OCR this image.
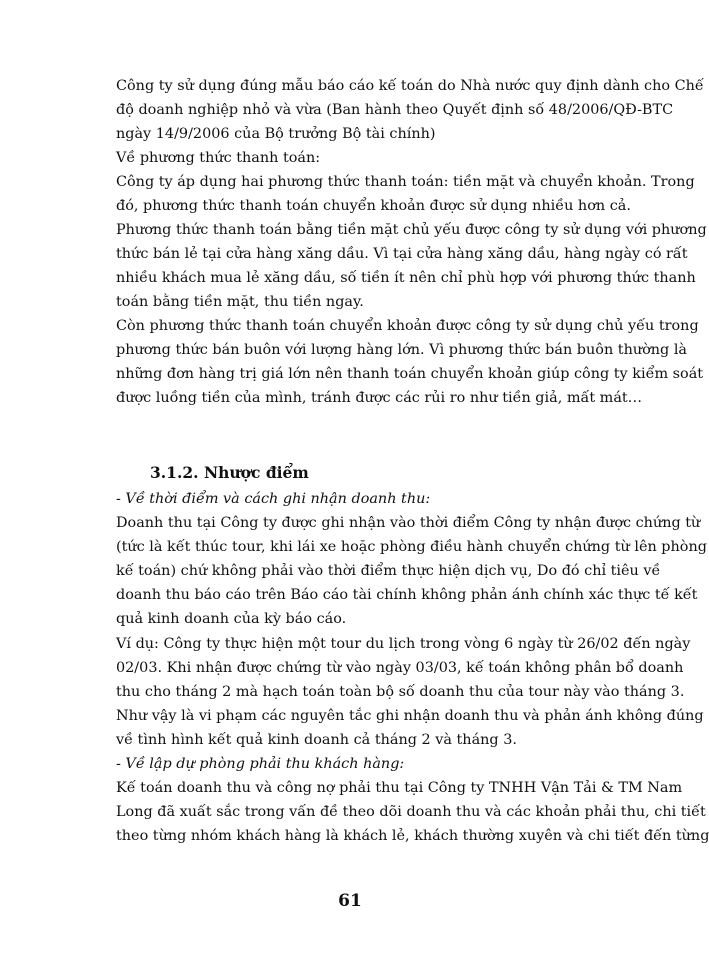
Công ty sử dụng đúng mẫu báo cáo kế toán do Nhà nước quy định dành cho Chế
độ doanh nghiệp nhỏ và vừa (Ban hành theo Quyết định số 48/2006/QĐ-BTC
ngày 14/9/2006 của Bộ trưởng Bộ tài chính)
Về phương thức thanh toán:
Công ty áp dụng hai phương thức thanh toán: tiền mặt và chuyển khoản. Trong
đó, phương thức thanh toán chuyển khoản được sử dụng nhiều hơn cả.
Phương thức thanh toán bằng tiền mặt chủ yếu được công ty sử dụng với phương
thức bán lẻ tại cửa hàng xăng dầu. Vì tại cửa hàng xăng dầu, hàng ngày có rất
nhiều khách mua lẻ xăng dầu, số tiền ít nên chỉ phù hợp với phương thức thanh
toán bằng tiền mặt, thu tiền ngay.
Còn phương thức thanh toán chuyển khoản được công ty sử dụng chủ yếu trong
phương thức bán buôn với lượng hàng lớn. Vì phương thức bán buôn thường là
những đơn hàng trị giá lớn nên thanh toán chuyển khoản giúp công ty kiểm soát
được luồng tiền của mình, tránh được các rủi ro như tiền giả, mất mát…
3.1.2. Nhược điểm
- Về thời điểm và cách ghi nhận doanh thu:
Doanh thu tại Công ty được ghi nhận vào thời điểm Công ty nhận được chứng từ
(tức là kết thúc tour, khi lái xe hoặc phòng điều hành chuyển chứng từ lên phòng
kế toán) chứ không phải vào thời điểm thực hiện dịch vụ, Do đó chỉ tiêu về
doanh thu báo cáo trên Báo cáo tài chính không phản ánh chính xác thực tế kết
quả kinh doanh của kỳ báo cáo.
Ví dụ: Công ty thực hiện một tour du lịch trong vòng 6 ngày từ 26/02 đến ngày
02/03. Khi nhận được chứng từ vào ngày 03/03, kế toán không phân bổ doanh
thu cho tháng 2 mà hạch toán toàn bộ số doanh thu của tour này vào tháng 3.
Như vậy là vi phạm các nguyên tắc ghi nhận doanh thu và phản ánh không đúng
về tình hình kết quả kinh doanh cả tháng 2 và tháng 3.
- Về lập dự phòng phải thu khách hàng:
Kế toán doanh thu và công nợ phải thu tại Công ty TNHH Vận Tải & TM Nam
Long đã xuất sắc trong vấn đề theo dõi doanh thu và các khoản phải thu, chi tiết
theo từng nhóm khách hàng là khách lẻ, khách thường xuyên và chi tiết đến từng
61
